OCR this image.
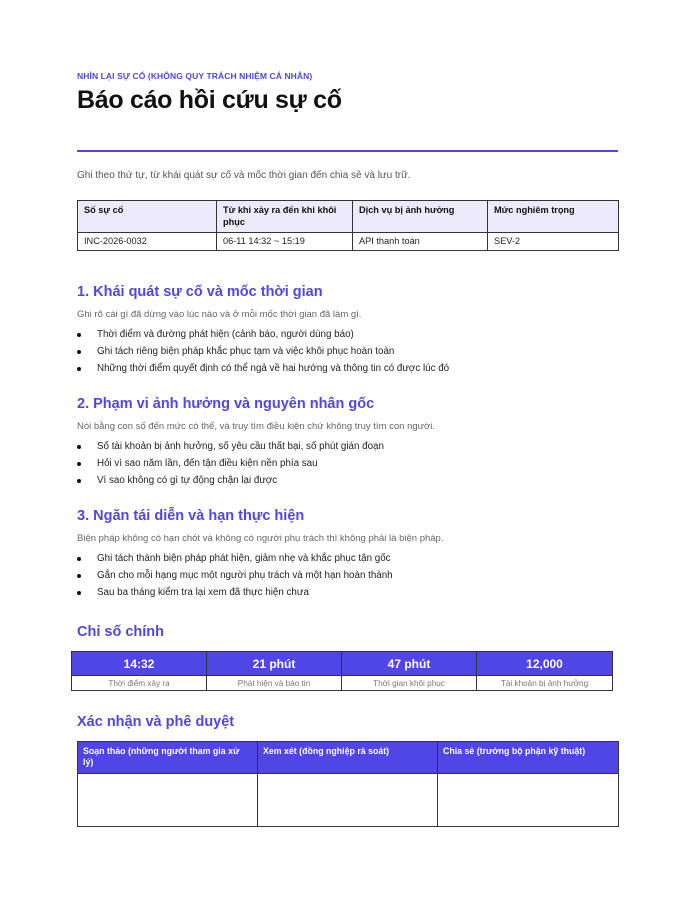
NHÌN LẠI SỰ CỐ (KHÔNG QUY TRÁCH NHIỆM CÁ NHÂN)
Báo cáo hồi cứu sự cố
Ghi theo thứ tự, từ khái quát sự cố và mốc thời gian đến chia sẻ và lưu trữ.
Số sự cố	Từ khi xảy ra đến khi khôi phục	Dịch vụ bị ảnh hưởng	Mức nghiêm trọng
INC-2026-0032	06-11 14:32 ~ 15:19	API thanh toán	SEV-2
1. Khái quát sự cố và mốc thời gian

Ghi rõ cái gì đã dừng vào lúc nào và ở mỗi mốc thời gian đã làm gì.

Thời điểm và đường phát hiện (cảnh báo, người dùng báo)
Ghi tách riêng biện pháp khắc phục tạm và việc khôi phục hoàn toàn
Những thời điểm quyết định có thể ngả về hai hướng và thông tin có được lúc đó
2. Phạm vi ảnh hưởng và nguyên nhân gốc

Nói bằng con số đến mức có thể, và truy tìm điều kiện chứ không truy tìm con người.

Số tài khoản bị ảnh hưởng, số yêu cầu thất bại, số phút gián đoạn
Hỏi vì sao năm lần, đến tận điều kiện nền phía sau
Vì sao không có gì tự động chặn lại được
3. Ngăn tái diễn và hạn thực hiện

Biện pháp không có hạn chót và không có người phụ trách thì không phải là biện pháp.

Ghi tách thành biện pháp phát hiện, giảm nhẹ và khắc phục tận gốc
Gắn cho mỗi hạng mục một người phụ trách và một hạn hoàn thành
Sau ba tháng kiểm tra lại xem đã thực hiện chưa
Chỉ số chính
14:32	21 phút	47 phút	12,000
Thời điểm xảy ra	Phát hiện và báo tin	Thời gian khôi phục	Tài khoản bị ảnh hưởng
Xác nhận và phê duyệt
Soạn thảo (những người tham gia xử lý)	Xem xét (đồng nghiệp rà soát)	Chia sẻ (trưởng bộ phận kỹ thuật)
